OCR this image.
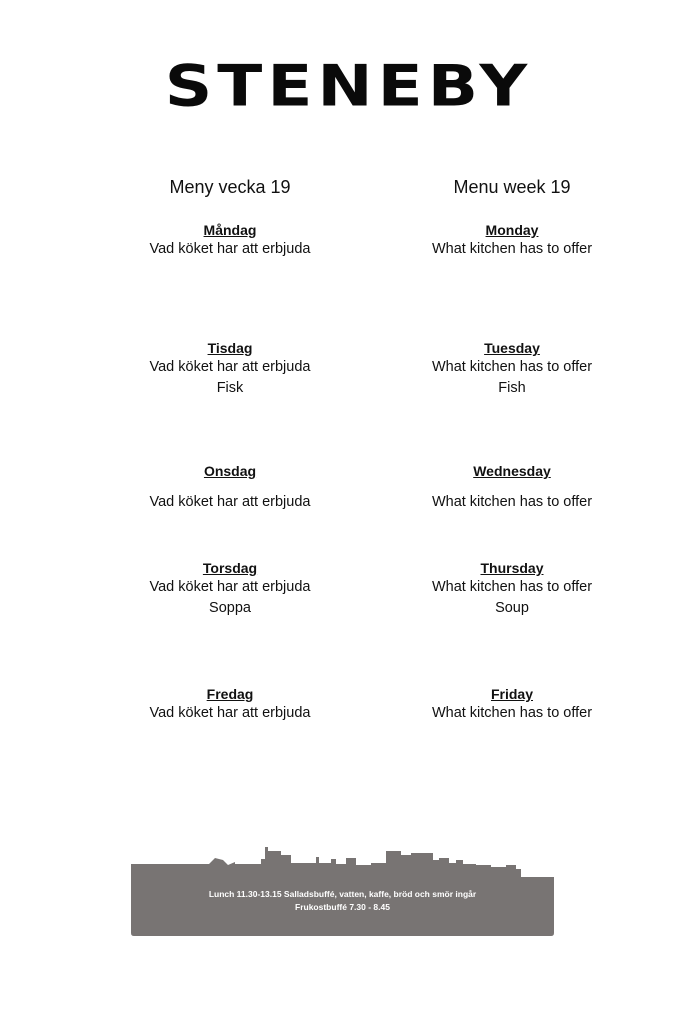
STENEBY
Meny vecka 19
Måndag
Vad köket har att erbjuda
Tisdag
Vad köket har att erbjuda
Fisk
Onsdag
Vad köket har att erbjuda
Torsdag
Vad köket har att erbjuda
Soppa
Fredag
Vad köket har att erbjuda
Menu week 19
Monday
What kitchen has to offer
Tuesday
What kitchen has to offer
Fish
Wednesday
What kitchen has to offer
Thursday
What kitchen has to offer
Soup
Friday
What kitchen has to offer
Lunch 11.30-13.15 Salladsbuffé, vatten, kaffe, bröd och smör ingår
Frukostbuffé 7.30 - 8.45
